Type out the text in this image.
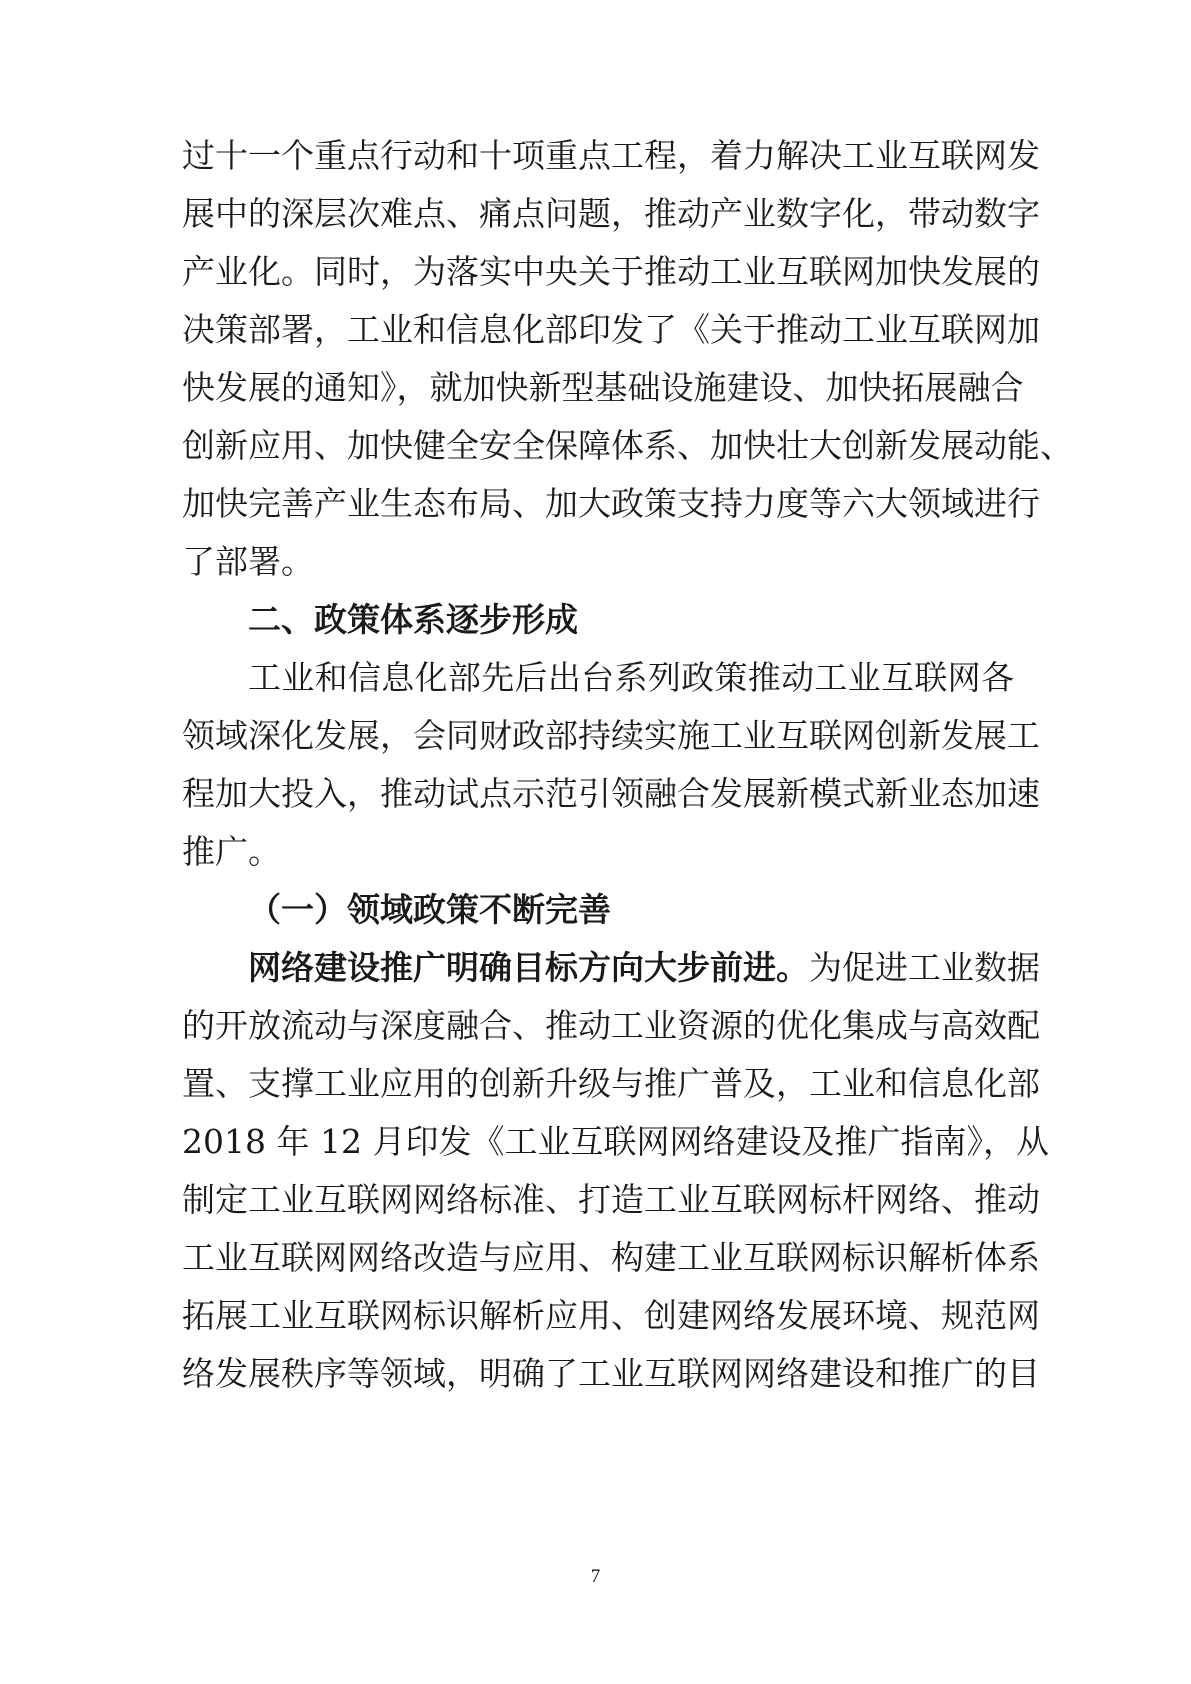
过十一个重点行动和十项重点工程，着力解决工业互联网发
展中的深层次难点、痛点问题，推动产业数字化，带动数字
产业化。同时，为落实中央关于推动工业互联网加快发展的
决策部署，工业和信息化部印发了《关于推动工业互联网加
快发展的通知》，就加快新型基础设施建设、加快拓展融合
创新应用、加快健全安全保障体系、加快壮大创新发展动能、
加快完善产业生态布局、加大政策支持力度等六大领域进行
了部署。
二、政策体系逐步形成
工业和信息化部先后出台系列政策推动工业互联网各
领域深化发展，会同财政部持续实施工业互联网创新发展工
程加大投入，推动试点示范引领融合发展新模式新业态加速
推广。
（一）领域政策不断完善
网络建设推广明确目标方向大步前进。为促进工业数据
的开放流动与深度融合、推动工业资源的优化集成与高效配
置、支撑工业应用的创新升级与推广普及，工业和信息化部
2018 年 12 月印发《工业互联网网络建设及推广指南》，从
制定工业互联网网络标准、打造工业互联网标杆网络、推动
工业互联网网络改造与应用、构建工业互联网标识解析体系
拓展工业互联网标识解析应用、创建网络发展环境、规范网
络发展秩序等领域，明确了工业互联网网络建设和推广的目
7
